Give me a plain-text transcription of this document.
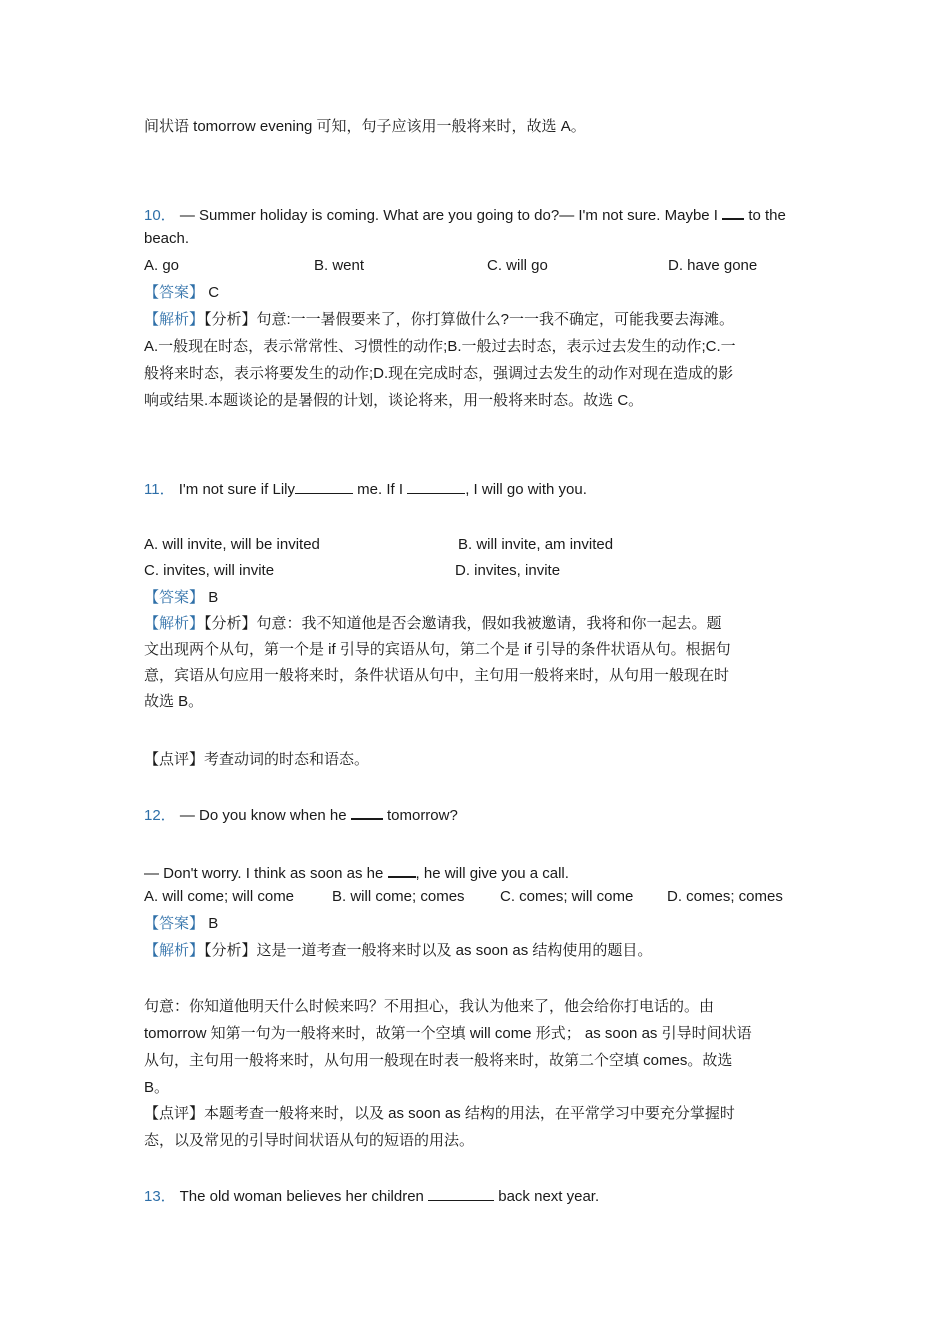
间状语 tomorrow evening 可知，句子应该用一般将来时，故选 A。
10． — Summer holiday is coming. What are you going to do?— I'm not sure. Maybe I to the
beach.
A. go	B. went	C. will go	D. have gone
【答案】 C
【解析】【分析】句意:一一暑假要来了，你打算做什么?一一我不确定，可能我要去海滩。
A.一般现在时态，表示常常性、习惯性的动作;B.一般过去时态，表示过去发生的动作;C.一
般将来时态，表示将要发生的动作;D.现在完成时态，强调过去发生的动作对现在造成的影
响或结果.本题谈论的是暑假的计划，谈论将来，用一般将来时态。故选 C。
11． I'm not sure if Lily	me. If I	, I will go with you.
A. will invite, will be invited	B. will invite, am invited
C. invites, will invite	D. invites, invite
【答案】 B
【解析】【分析】句意：我不知道他是否会邀请我，假如我被邀请，我将和你一起去。题
文出现两个从句，第一个是 if 引导的宾语从句，第二个是 if 引导的条件状语从句。根据句
意，宾语从句应用一般将来时，条件状语从句中，主句用一般将来时，从句用一般现在时
故选 B。
【点评】考查动词的时态和语态。
12． — Do you know when he	tomorrow?
— Don't worry. I think as soon as he , he will give you a call.
A. will come; will come	B. will come; comes C. comes; will come D. comes; comes
【答案】 B
【解析】【分析】这是一道考查一般将来时以及 as soon as 结构使用的题目。
句意：你知道他明天什么时候来吗？不用担心，我认为他来了，他会给你打电话的。由
tomorrow 知第一句为一般将来时，故第一个空填 will come 形式； as soon as 引导时间状语
从句，主句用一般将来时，从句用一般现在时表一般将来时，故第二个空填 comes。故选
B。
【点评】本题考查一般将来时，以及 as soon as 结构的用法，在平常学习中要充分掌握时
态，以及常见的引导时间状语从句的短语的用法。
13． The old woman believes her children	back next year.
